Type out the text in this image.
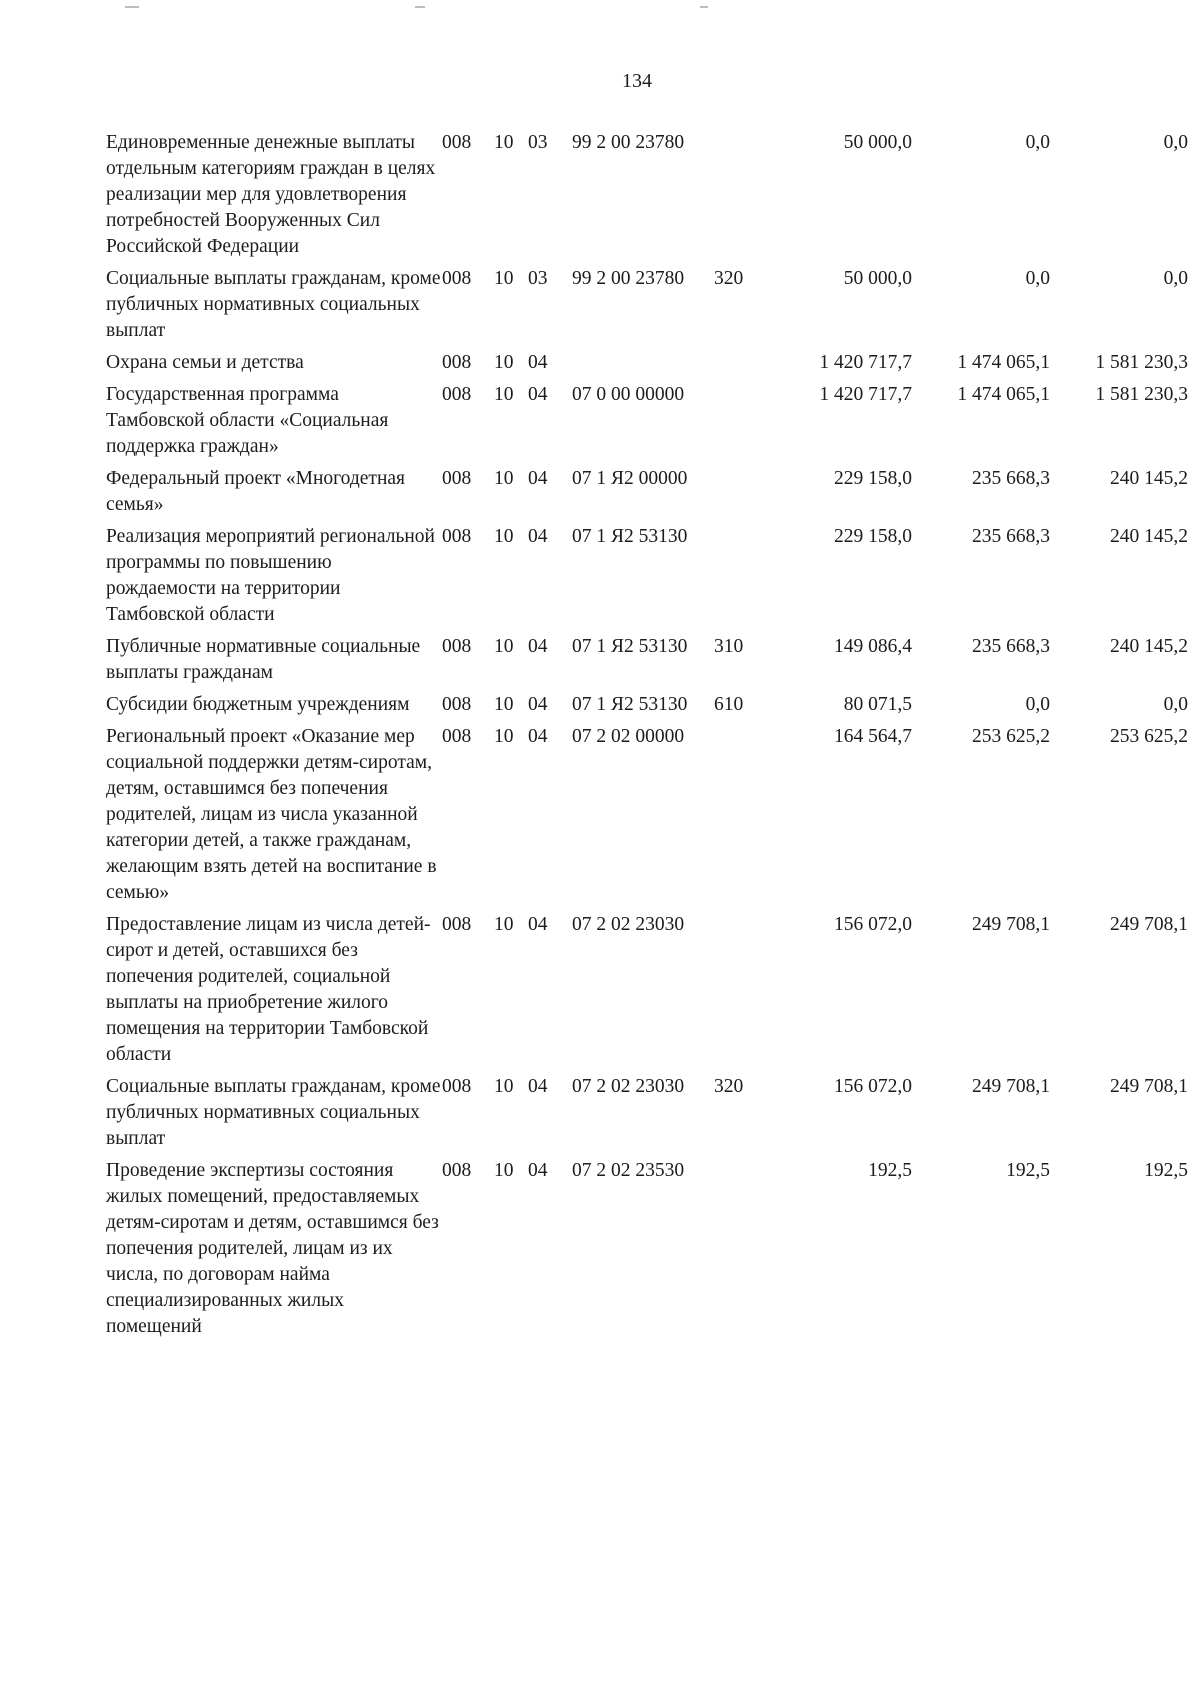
134
Единовременные денежные выплаты отдельным категориям граждан в целях реализации мер для удовлетворения потребностей Вооруженных Сил Российской Федерации	008	10	03	99 2 00 23780		50 000,0	0,0	0,0
Социальные выплаты гражданам, кроме публичных нормативных социальных выплат	008	10	03	99 2 00 23780	320	50 000,0	0,0	0,0
Охрана семьи и детства	008	10	04			1 420 717,7	1 474 065,1	1 581 230,3
Государственная программа Тамбовской области «Социальная поддержка граждан»	008	10	04	07 0 00 00000		1 420 717,7	1 474 065,1	1 581 230,3
Федеральный проект «Многодетная семья»	008	10	04	07 1 Я2 00000		229 158,0	235 668,3	240 145,2
Реализация мероприятий региональной программы по повышению рождаемости на территории Тамбовской области	008	10	04	07 1 Я2 53130		229 158,0	235 668,3	240 145,2
Публичные нормативные социальные выплаты гражданам	008	10	04	07 1 Я2 53130	310	149 086,4	235 668,3	240 145,2
Субсидии бюджетным учреждениям	008	10	04	07 1 Я2 53130	610	80 071,5	0,0	0,0
Региональный проект «Оказание мер социальной поддержки детям-сиротам, детям, оставшимся без попечения родителей, лицам из числа указанной категории детей, а также гражданам, желающим взять детей на воспитание в семью»	008	10	04	07 2 02 00000		164 564,7	253 625,2	253 625,2
Предоставление лицам из числа детей-сирот и детей, оставшихся без попечения родителей, социальной выплаты на приобретение жилого помещения на территории Тамбовской области	008	10	04	07 2 02 23030		156 072,0	249 708,1	249 708,1
Социальные выплаты гражданам, кроме публичных нормативных социальных выплат	008	10	04	07 2 02 23030	320	156 072,0	249 708,1	249 708,1
Проведение экспертизы состояния жилых помещений, предоставляемых детям-сиротам и детям, оставшимся без попечения родителей, лицам из их числа, по договорам найма специализированных жилых помещений	008	10	04	07 2 02 23530		192,5	192,5	192,5
